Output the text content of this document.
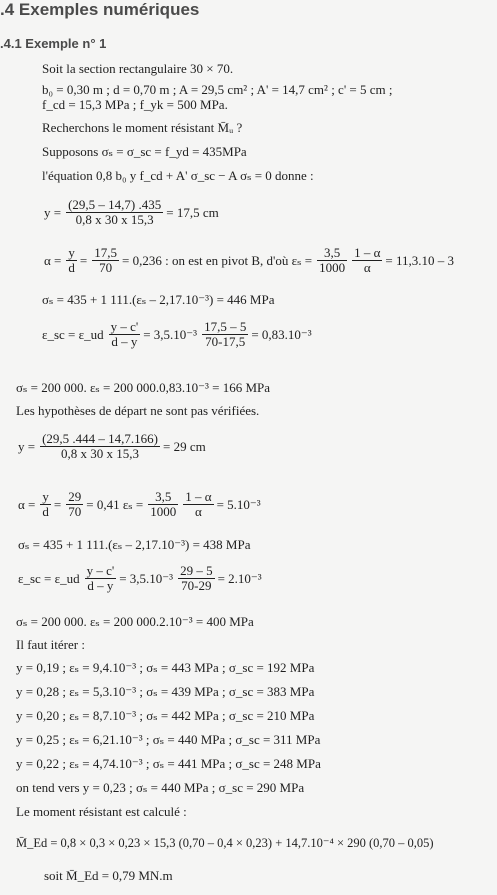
.4 Exemples numériques
.4.1 Exemple n° 1
Soit la section rectangulaire 30 × 70.
b₀ = 0,30 m ; d = 0,70 m ; A = 29,5 cm² ; A' = 14,7 cm² ; c' = 5 cm ;
f_cd = 15,3 MPa ; f_yk = 500 MPa.
Recherchons le moment résistant M̄ᵤ ?
Supposons σₛ = σ_sc = f_yd = 435MPa
l'équation 0,8 b₀ y f_cd + A' σ_sc − A σₛ = 0 donne :
$y = \frac{(29,5 - 14,7) .435}{0,8 x 30 x 15,3} = 17,5$ cm
$\alpha = \frac{y}{d} = \frac{17,5}{70} = 0,236$ : on est en pivot B, d'où $\varepsilon_s = \frac{3,5}{1000} \frac{1 - \alpha}{\alpha} = 11,3.10 - 3$
σₛ = 435 + 1 111.(εₛ – 2,17.10⁻³) = 446 MPa
ε_sc = ε_ud $\frac{y - c'}{d - y} = 3,5.10^{-3} \frac{17,5 - 5}{70-17,5} = 0,83.10^{-3}$
σₛ = 200 000. εₛ = 200 000.0,83.10⁻³ = 166 MPa
Les hypothèses de départ ne sont pas vérifiées.
$y = \frac{(29,5 .444 - 14,7.166)}{0,8 x 30 x 15,3} = 29$ cm
$\alpha = \frac{y}{d} = \frac{29}{70} = 0,41$ $\varepsilon_s = \frac{3,5}{1000} \frac{1 - \alpha}{\alpha} = 5.10^{-3}$
σₛ = 435 + 1 111.(εₛ – 2,17.10⁻³) = 438 MPa
ε_sc = ε_ud $\frac{y - c'}{d - y} = 3,5.10^{-3} \frac{29 - 5}{70-29} = 2.10^{-3}$
σₛ = 200 000. εₛ = 200 000.2.10⁻³ = 400 MPa
Il faut itérer :
y = 0,19 ; εₛ = 9,4.10⁻³ ; σₛ = 443 MPa ; σ_sc = 192 MPa
y = 0,28 ; εₛ = 5,3.10⁻³ ; σₛ = 439 MPa ; σ_sc = 383 MPa
y = 0,20 ; εₛ = 8,7.10⁻³ ; σₛ = 442 MPa ; σ_sc = 210 MPa
y = 0,25 ; εₛ = 6,21.10⁻³ ; σₛ = 440 MPa ; σ_sc = 311 MPa
y = 0,22 ; εₛ = 4,74.10⁻³ ; σₛ = 441 MPa ; σ_sc = 248 MPa
on tend vers y = 0,23 ; σₛ = 440 MPa ; σ_sc = 290 MPa
Le moment résistant est calculé :
M̄_Ed = 0,8 × 0,3 × 0,23 × 15,3 (0,70 – 0,4 × 0,23) + 14,7.10⁻⁴ × 290 (0,70 – 0,05)
soit M̄_Ed = 0,79 MN.m
